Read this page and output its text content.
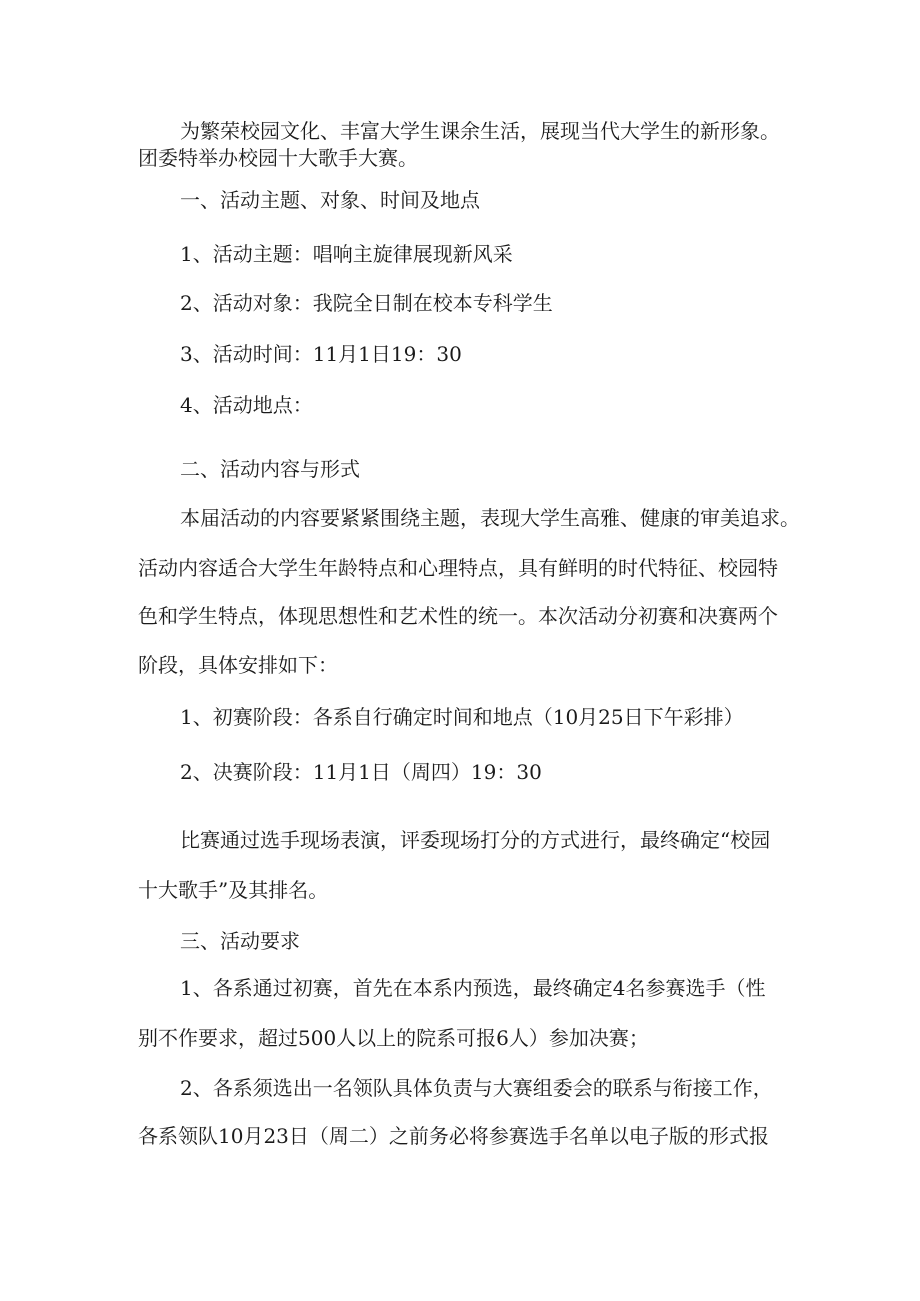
为繁荣校园文化、丰富大学生课余生活，展现当代大学生的新形象。
团委特举办校园十大歌手大赛。
一、活动主题、对象、时间及地点
1、活动主题：唱响主旋律展现新风采
2、活动对象：我院全日制在校本专科学生
3、活动时间：11月1日19：30
4、活动地点：
二、活动内容与形式
本届活动的内容要紧紧围绕主题，表现大学生高雅、健康的审美追求。
活动内容适合大学生年龄特点和心理特点，具有鲜明的时代特征、校园特
色和学生特点，体现思想性和艺术性的统一。本次活动分初赛和决赛两个
阶段，具体安排如下：
1、初赛阶段：各系自行确定时间和地点（10月25日下午彩排）
2、决赛阶段：11月1日（周四）19：30
比赛通过选手现场表演，评委现场打分的方式进行，最终确定“校园
十大歌手”及其排名。
三、活动要求
1、各系通过初赛，首先在本系内预选，最终确定4名参赛选手（性
别不作要求，超过500人以上的院系可报6人）参加决赛；
2、各系须选出一名领队具体负责与大赛组委会的联系与衔接工作，
各系领队10月23日（周二）之前务必将参赛选手名单以电子版的形式报
